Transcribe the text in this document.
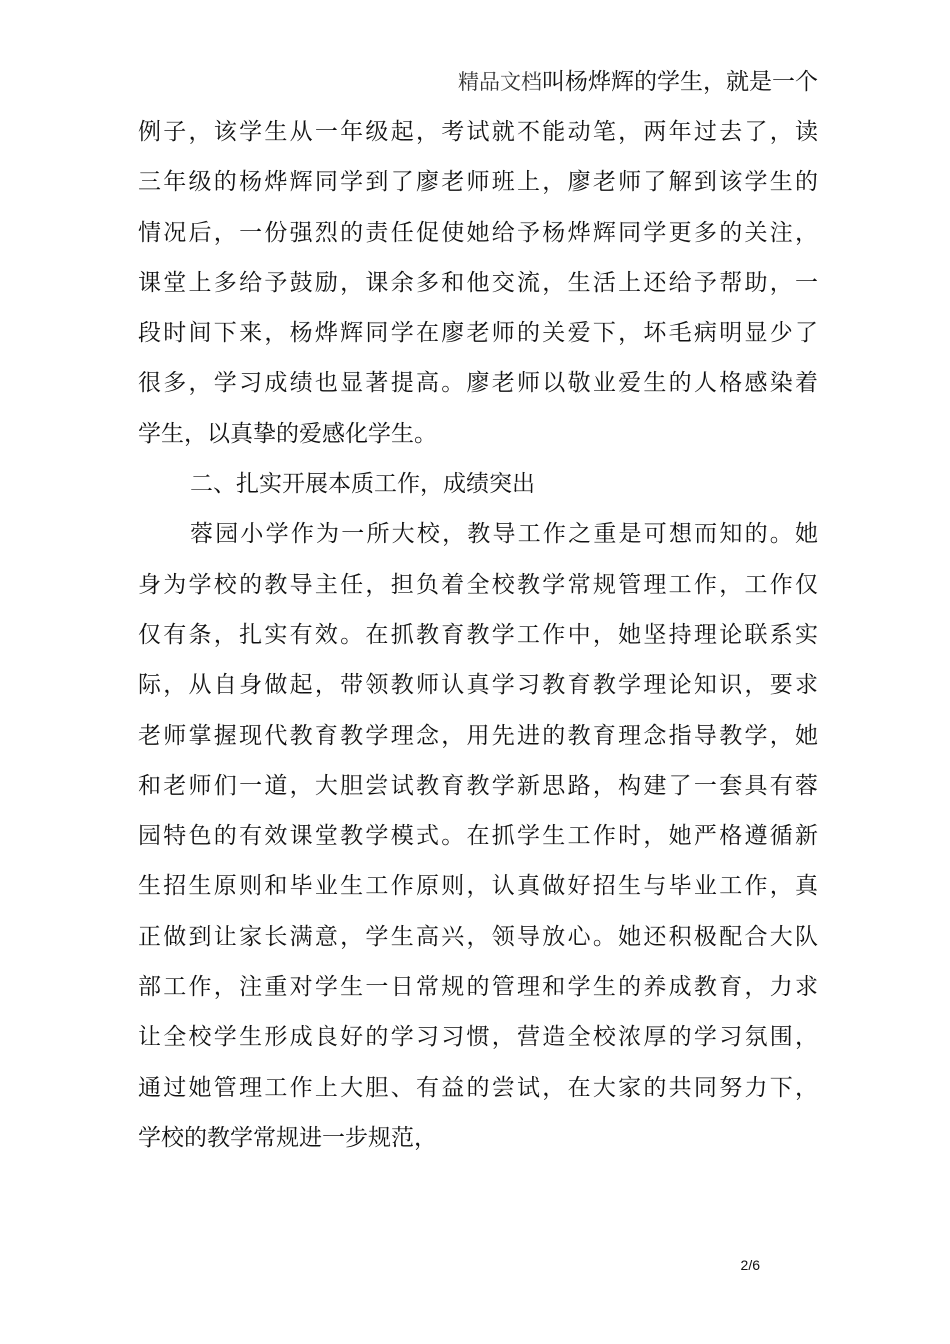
精品文档叫杨烨辉的学生，就是一个
例子，该学生从一年级起，考试就不能动笔，两年过去了，读
三年级的杨烨辉同学到了廖老师班上，廖老师了解到该学生的
情况后，一份强烈的责任促使她给予杨烨辉同学更多的关注，
课堂上多给予鼓励，课余多和他交流，生活上还给予帮助，一
段时间下来，杨烨辉同学在廖老师的关爱下，坏毛病明显少了
很多，学习成绩也显著提高。廖老师以敬业爱生的人格感染着
学生，以真挚的爱感化学生。
二、扎实开展本质工作，成绩突出
蓉园小学作为一所大校，教导工作之重是可想而知的。她
身为学校的教导主任，担负着全校教学常规管理工作，工作仅
仅有条，扎实有效。在抓教育教学工作中，她坚持理论联系实
际，从自身做起，带领教师认真学习教育教学理论知识，要求
老师掌握现代教育教学理念，用先进的教育理念指导教学，她
和老师们一道，大胆尝试教育教学新思路，构建了一套具有蓉
园特色的有效课堂教学模式。在抓学生工作时，她严格遵循新
生招生原则和毕业生工作原则，认真做好招生与毕业工作，真
正做到让家长满意，学生高兴，领导放心。她还积极配合大队
部工作，注重对学生一日常规的管理和学生的养成教育，力求
让全校学生形成良好的学习习惯，营造全校浓厚的学习氛围，
通过她管理工作上大胆、有益的尝试，在大家的共同努力下，
学校的教学常规进一步规范，
2/6
